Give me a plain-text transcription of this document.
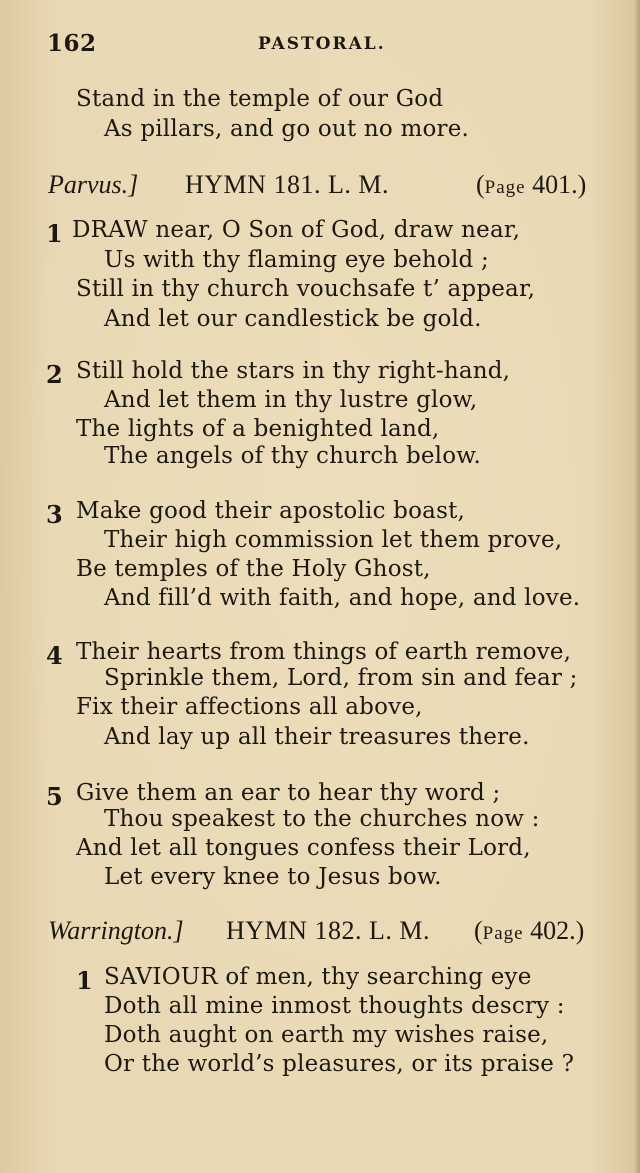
162	PASTORAL.
Stand in the temple of our God
As pillars, and go out no more.
Parvus.] HYMN 181. L. M.	(Page 401.)
1 DRAW near, O Son of God, draw near,
Us with thy flaming eye behold ;
Still in thy church vouchsafe t’ appear,
And let our candlestick be gold.
2 Still hold the stars in thy right-hand,
And let them in thy lustre glow,
The lights of a benighted land,
The angels of thy church below.
3 Make good their apostolic boast,
Their high commission let them prove,
Be temples of the Holy Ghost,
And fill’d with faith, and hope, and love.
4 Their hearts from things of earth remove,
Sprinkle them, Lord, from sin and fear ;
Fix their affections all above,
And lay up all their treasures there.
5 Give them an ear to hear thy word ;
Thou speakest to the churches now :
And let all tongues confess their Lord,
Let every knee to Jesus bow.
Warrington.] HYMN 182. L. M. (Page 402.)
1 SAVIOUR of men, thy searching eye
Doth all mine inmost thoughts descry :
Doth aught on earth my wishes raise,
Or the world’s pleasures, or its praise ?
